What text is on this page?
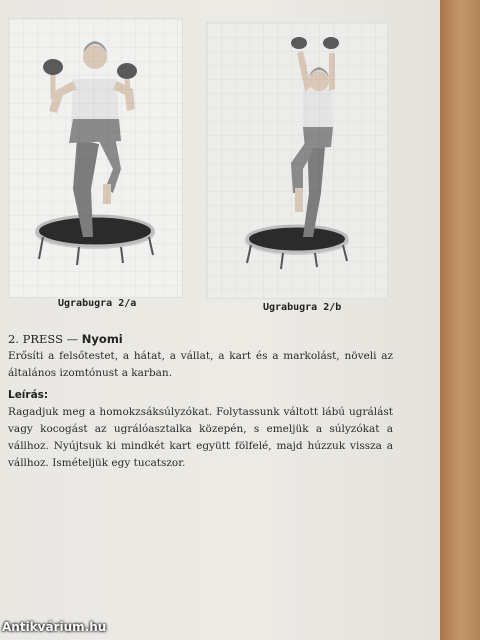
Ugrabugra 2/a	Ugrabugra 2/b
2. PRESS — Nyomi
Erősíti a felsőtestet, a hátat, a vállat, a kart és a markolást, növeli az általános izomtónust a karban.
Leírás:
Ragadjuk meg a homokzsáksúlyzókat. Folytassunk váltott lábú ugrálást vagy kocogást az ugrálóasztalka közepén, s emeljük a súlyzókat a vállhoz. Nyújtsuk ki mindkét kart együtt fölfelé, majd húzzuk vissza a vállhoz. Ismételjük egy tucatszor.
Antikvárium.hu
